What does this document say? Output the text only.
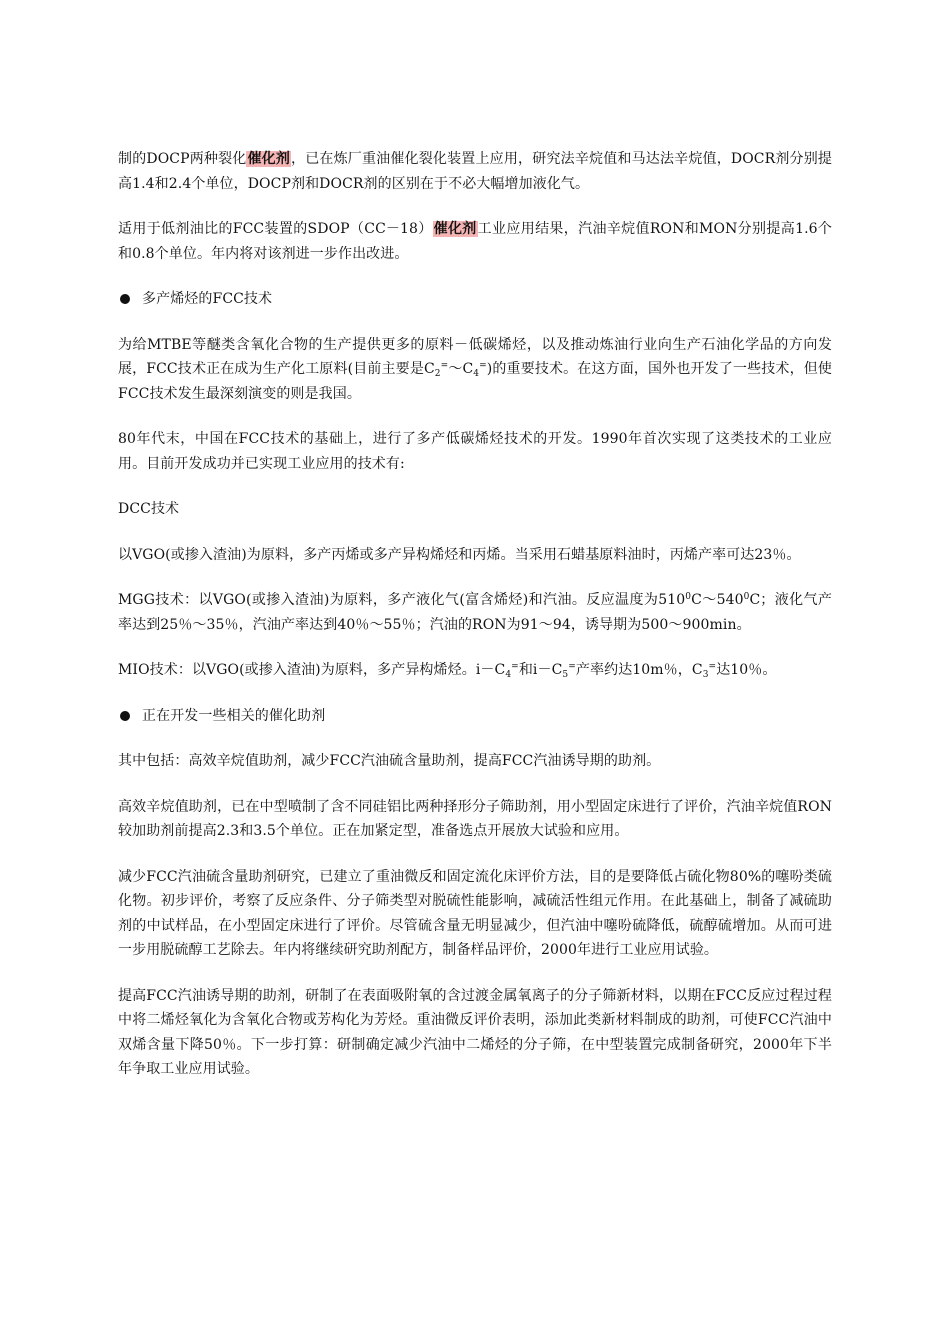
制的DOCP两种裂化催化剂，已在炼厂重油催化裂化装置上应用，研究法辛烷值和马达法辛烷值，DOCR剂分别提高1.4和2.4个单位，DOCP剂和DOCR剂的区别在于不必大幅增加液化气。

适用于低剂油比的FCC装置的SDOP（CC－18）催化剂工业应用结果，汽油辛烷值RON和MON分别提高1.6个和0.8个单位。年内将对该剂进一步作出改进。

多产烯烃的FCC技术

为给MTBE等醚类含氧化合物的生产提供更多的原料－低碳烯烃，以及推动炼油行业向生产石油化学品的方向发展，FCC技术正在成为生产化工原料(目前主要是$C_2^=\sim C_4^=$)的重要技术。在这方面，国外也开发了一些技术，但使FCC技术发生最深刻演变的则是我国。

80年代末，中国在FCC技术的基础上，进行了多产低碳烯烃技术的开发。1990年首次实现了这类技术的工业应用。目前开发成功并已实现工业应用的技术有:

DCC技术

以VGO(或掺入渣油)为原料，多产丙烯或多产异构烯烃和丙烯。当采用石蜡基原料油时，丙烯产率可达23％。

MGG技术：以VGO(或掺入渣油)为原料，多产液化气(富含烯烃)和汽油。反应温度为$510^0C\sim 540^0C$；液化气产率达到25％～35％，汽油产率达到40％～55％；汽油的RON为91～94，诱导期为500～900min。

MIO技术：以VGO(或掺入渣油)为原料，多产异构烯烃。$i-C_4^=$和$i-C_5^=$产率约达10m％，$C_3^=$达10％。

正在开发一些相关的催化助剂

其中包括：高效辛烷值助剂，减少FCC汽油硫含量助剂，提高FCC汽油诱导期的助剂。

高效辛烷值助剂，已在中型喷制了含不同硅铝比两种择形分子筛助剂，用小型固定床进行了评价，汽油辛烷值RON较加助剂前提高2.3和3.5个单位。正在加紧定型，准备选点开展放大试验和应用。

减少FCC汽油硫含量助剂研究，已建立了重油微反和固定流化床评价方法，目的是要降低占硫化物80%的噻吩类硫化物。初步评价，考察了反应条件、分子筛类型对脱硫性能影响，减硫活性组元作用。在此基础上，制备了减硫助剂的中试样品，在小型固定床进行了评价。尽管硫含量无明显减少，但汽油中噻吩硫降低，硫醇硫增加。从而可进一步用脱硫醇工艺除去。年内将继续研究助剂配方，制备样品评价，2000年进行工业应用试验。

提高FCC汽油诱导期的助剂，研制了在表面吸附氧的含过渡金属氧离子的分子筛新材料，以期在FCC反应过程过程中将二烯烃氧化为含氧化合物或芳构化为芳烃。重油微反评价表明，添加此类新材料制成的助剂，可使FCC汽油中双烯含量下降50％。下一步打算：研制确定减少汽油中二烯烃的分子筛，在中型装置完成制备研究，2000年下半年争取工业应用试验。
